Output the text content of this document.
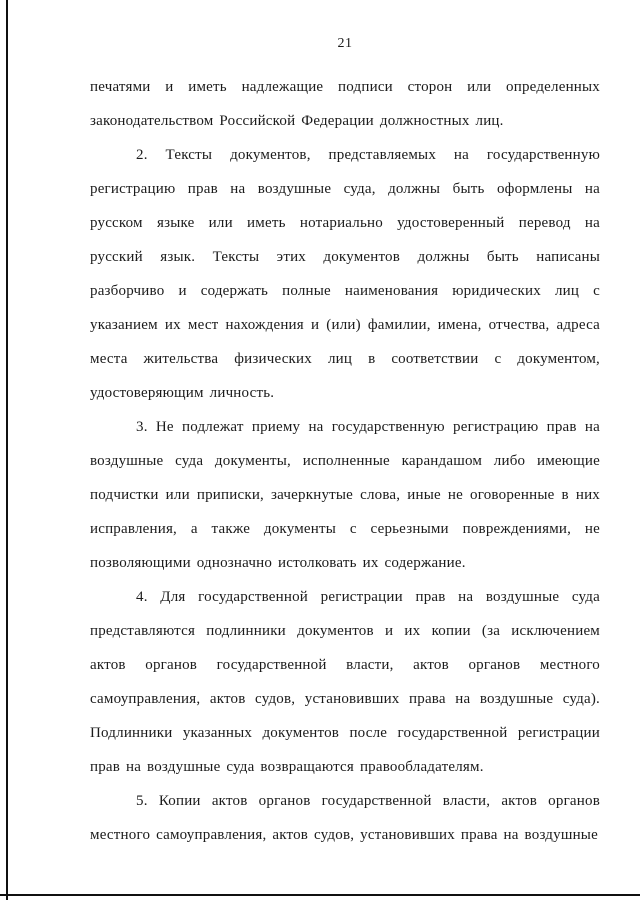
21

печатями и иметь надлежащие подписи сторон или определенных законодательством Российской Федерации должностных лиц.

2. Тексты документов, представляемых на государственную регистрацию прав на воздушные суда, должны быть оформлены на русском языке или иметь нотариально удостоверенный перевод на русский язык. Тексты этих документов должны быть написаны разборчиво и содержать полные наименования юридических лиц с указанием их мест нахождения и (или) фамилии, имена, отчества, адреса места жительства физических лиц в соответствии с документом, удостоверяющим личность.

3. Не подлежат приему на государственную регистрацию прав на воздушные суда документы, исполненные карандашом либо имеющие подчистки или приписки, зачеркнутые слова, иные не оговоренные в них исправления, а также документы с серьезными повреждениями, не позволяющими однозначно истолковать их содержание.

4. Для государственной регистрации прав на воздушные суда представляются подлинники документов и их копии (за исключением актов органов государственной власти, актов органов местного самоуправления, актов судов, установивших права на воздушные суда). Подлинники указанных документов после государственной регистрации прав на воздушные суда возвращаются правообладателям.

5. Копии актов органов государственной власти, актов органов местного самоуправления, актов судов, установивших права на воздушные
